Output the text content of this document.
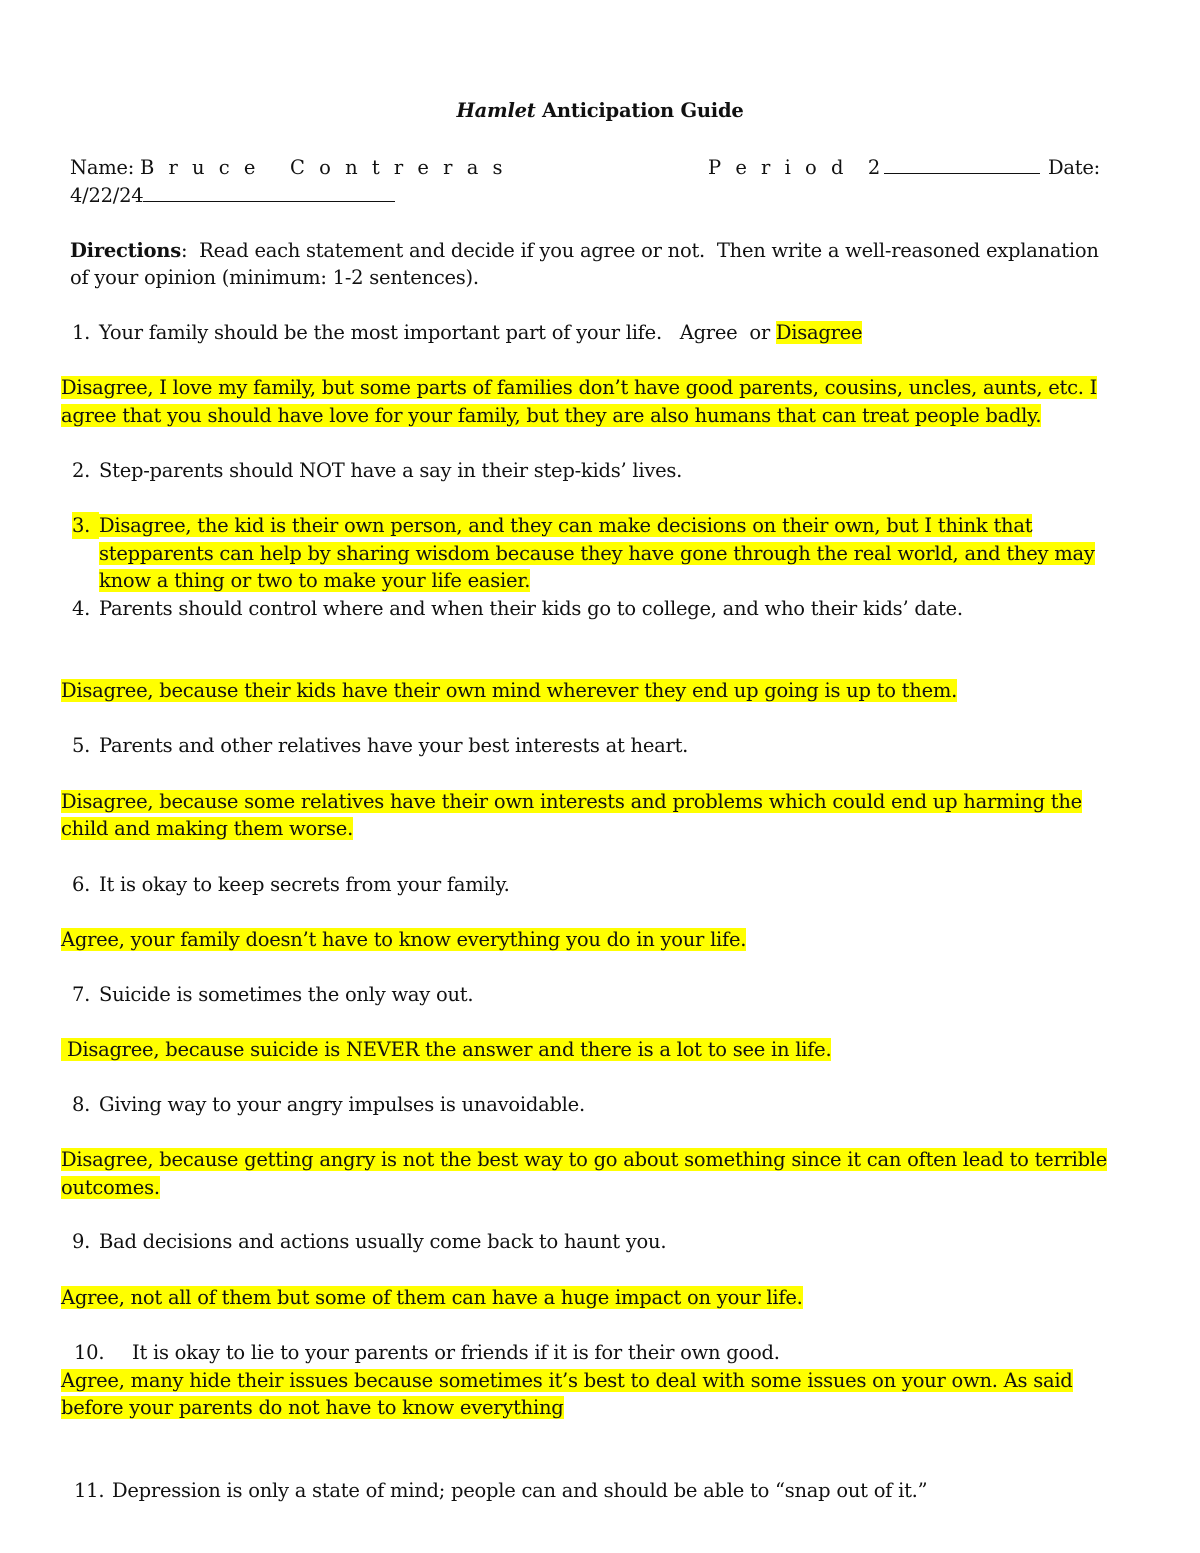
Hamlet Anticipation Guide
Name: B r u c e   C o n t r e r a s	P e r i o d  2	Date:
4/22/24
Directions:  Read each statement and decide if you agree or not.  Then write a well-reasoned explanation
of your opinion (minimum: 1-2 sentences).
1. Your family should be the most important part of your life.   Agree  or Disagree
Disagree, I love my family, but some parts of families don’t have good parents, cousins, uncles, aunts, etc. I
agree that you should have love for your family, but they are also humans that can treat people badly.
2. Step-parents should NOT have a say in their step-kids’ lives.
3. Disagree, the kid is their own person, and they can make decisions on their own, but I think that
stepparents can help by sharing wisdom because they have gone through the real world, and they may
know a thing or two to make your life easier.
4. Parents should control where and when their kids go to college, and who their kids’ date.
Disagree, because their kids have their own mind wherever they end up going is up to them.
5. Parents and other relatives have your best interests at heart.
Disagree, because some relatives have their own interests and problems which could end up harming the
child and making them worse.
6. It is okay to keep secrets from your family.
Agree, your family doesn’t have to know everything you do in your life.
7. Suicide is sometimes the only way out.
Disagree, because suicide is NEVER the answer and there is a lot to see in life.
8. Giving way to your angry impulses is unavoidable.
Disagree, because getting angry is not the best way to go about something since it can often lead to terrible
outcomes.
9. Bad decisions and actions usually come back to haunt you.
Agree, not all of them but some of them can have a huge impact on your life.
10. It is okay to lie to your parents or friends if it is for their own good.
Agree, many hide their issues because sometimes it’s best to deal with some issues on your own. As said
before your parents do not have to know everything
11. Depression is only a state of mind; people can and should be able to “snap out of it.”
